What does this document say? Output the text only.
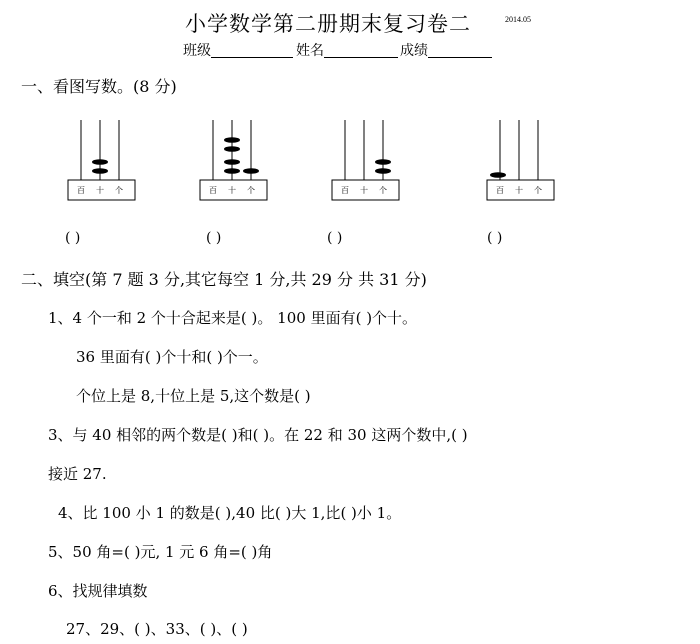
小学数学第二册期末复习卷二	2014.05
班级	姓名	成绩
一、看图写数。(8 分)
百 十 个	百 十 个	百 十 个	百 十 个
( )	( )	( )	( )
二、填空(第 7 题 3 分,其它每空 1 分,共 29 分 共 31 分)
1、4 个一和 2 个十合起来是( )。 100 里面有( )个十。
36 里面有( )个十和( )个一。
个位上是 8,十位上是 5,这个数是( )
3、与 40 相邻的两个数是( )和( )。在 22 和 30 这两个数中,( )
接近 27.
4、比 100 小 1 的数是( ),40 比( )大 1,比( )小 1。
5、50 角=( )元, 1 元 6 角=( )角
6、找规律填数
27、29、( )、33、( )、( )
